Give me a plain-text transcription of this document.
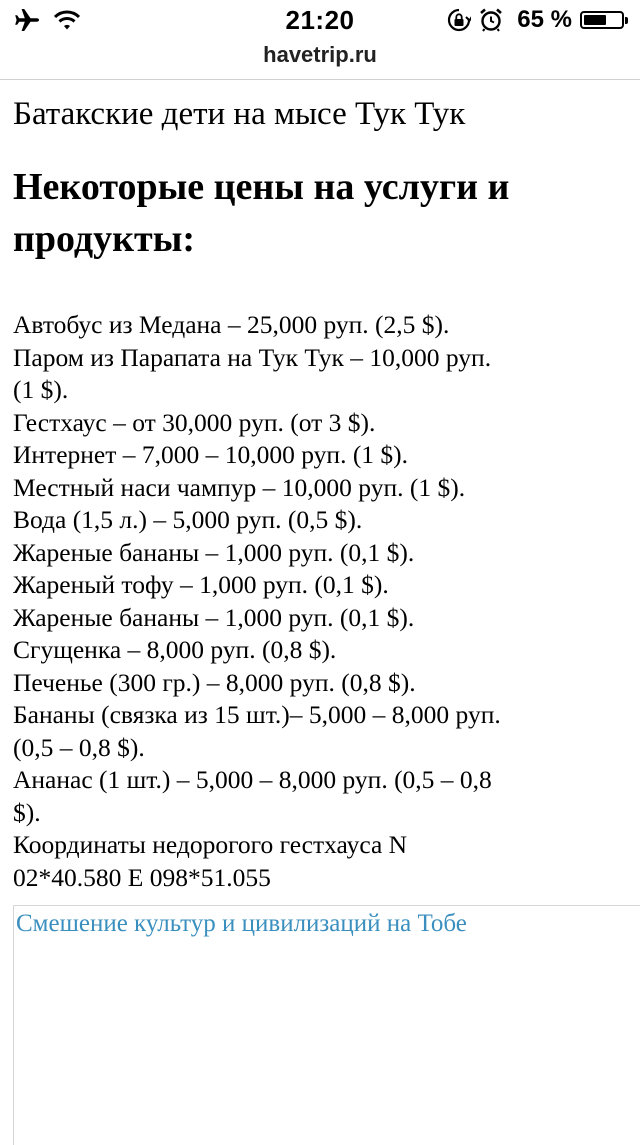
21:20	65 %
havetrip.ru
Батакские дети на мысе Тук Тук
Некоторые цены на услуги и продукты:
Автобус из Медана – 25,000 руп. (2,5 $).
Паром из Парапата на Тук Тук – 10,000 руп. (1 $).
Гестхаус – от 30,000 руп. (от 3 $).
Интернет – 7,000 – 10,000 руп. (1 $).
Местный наси чампур – 10,000 руп. (1 $).
Вода (1,5 л.) – 5,000 руп. (0,5 $).
Жареные бананы – 1,000 руп. (0,1 $).
Жареный тофу – 1,000 руп. (0,1 $).
Жареные бананы – 1,000 руп. (0,1 $).
Сгущенка – 8,000 руп. (0,8 $).
Печенье (300 гр.) – 8,000 руп. (0,8 $).
Бананы (связка из 15 шт.)– 5,000 – 8,000 руп. (0,5 – 0,8 $).
Ананас (1 шт.) – 5,000 – 8,000 руп. (0,5 – 0,8 $).
Координаты недорогого гестхауса N 02*40.580 E 098*51.055
Смешение культур и цивилизаций на Тобе
